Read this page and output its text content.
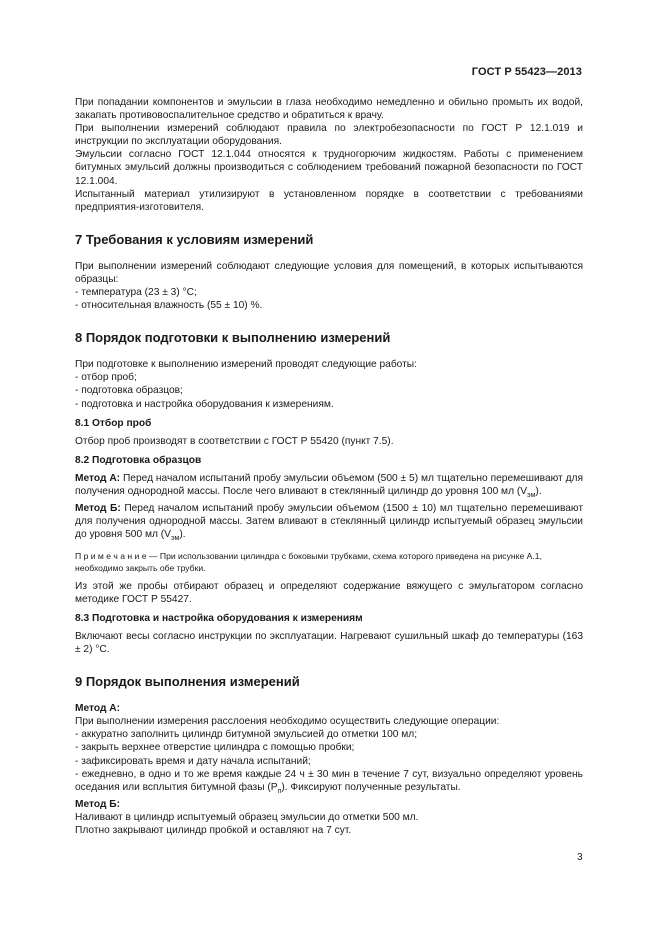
ГОСТ Р 55423—2013

При попадании компонентов и эмульсии в глаза необходимо немедленно и обильно промыть их водой, закапать противовоспалительное средство и обратиться к врачу.

При выполнении измерений соблюдают правила по электробезопасности по ГОСТ Р 12.1.019 и инструкции по эксплуатации оборудования.

Эмульсии согласно ГОСТ 12.1.044 относятся к трудногорючим жидкостям. Работы с применением битумных эмульсий должны производиться с соблюдением требований пожарной безопасности по ГОСТ 12.1.004.

Испытанный материал утилизируют в установленном порядке в соответствии с требованиями предприятия-изготовителя.

7 Требования к условиям измерений

При выполнении измерений соблюдают следующие условия для помещений, в которых испытываются образцы:

- температура (23 ± 3) °С;

- относительная влажность (55 ± 10) %.

8 Порядок подготовки к выполнению измерений

При подготовке к выполнению измерений проводят следующие работы:

- отбор проб;

- подготовка образцов;

- подготовка и настройка оборудования к измерениям.

8.1 Отбор проб

Отбор проб производят в соответствии с ГОСТ Р 55420 (пункт 7.5).

8.2 Подготовка образцов

Метод А: Перед началом испытаний пробу эмульсии объемом (500 ± 5) мл тщательно перемешивают для получения однородной массы. После чего вливают в стеклянный цилиндр до уровня 100 мл $(V_{эм})$.

Метод Б: Перед началом испытаний пробу эмульсии объемом (1500 ± 10) мл тщательно перемешивают для получения однородной массы. Затем вливают в стеклянный цилиндр испытуемый образец эмульсии до уровня 500 мл $(V_{эм})$.

П р и м е ч а н и е — При использовании цилиндра с боковыми трубками, схема которого приведена на рисунке А.1, необходимо закрыть обе трубки.

Из этой же пробы отбирают образец и определяют содержание вяжущего с эмульгатором согласно методике ГОСТ Р 55427.

8.3 Подготовка и настройка оборудования к измерениям

Включают весы согласно инструкции по эксплуатации. Нагревают сушильный шкаф до температуры (163 ± 2) °С.

9 Порядок выполнения измерений

Метод А:

При выполнении измерения расслоения необходимо осуществить следующие операции:

- аккуратно заполнить цилиндр битумной эмульсией до отметки 100 мл;

- закрыть верхнее отверстие цилиндра с помощью пробки;

- зафиксировать время и дату начала испытаний;

- ежедневно, в одно и то же время каждые 24 ч ± 30 мин в течение 7 сут, визуально определяют уровень оседания или всплытия битумной фазы $(Р_п)$. Фиксируют полученные результаты.

Метод Б:

Наливают в цилиндр испытуемый образец эмульсии до отметки 500 мл.

Плотно закрывают цилиндр пробкой и оставляют на 7 сут.

3
